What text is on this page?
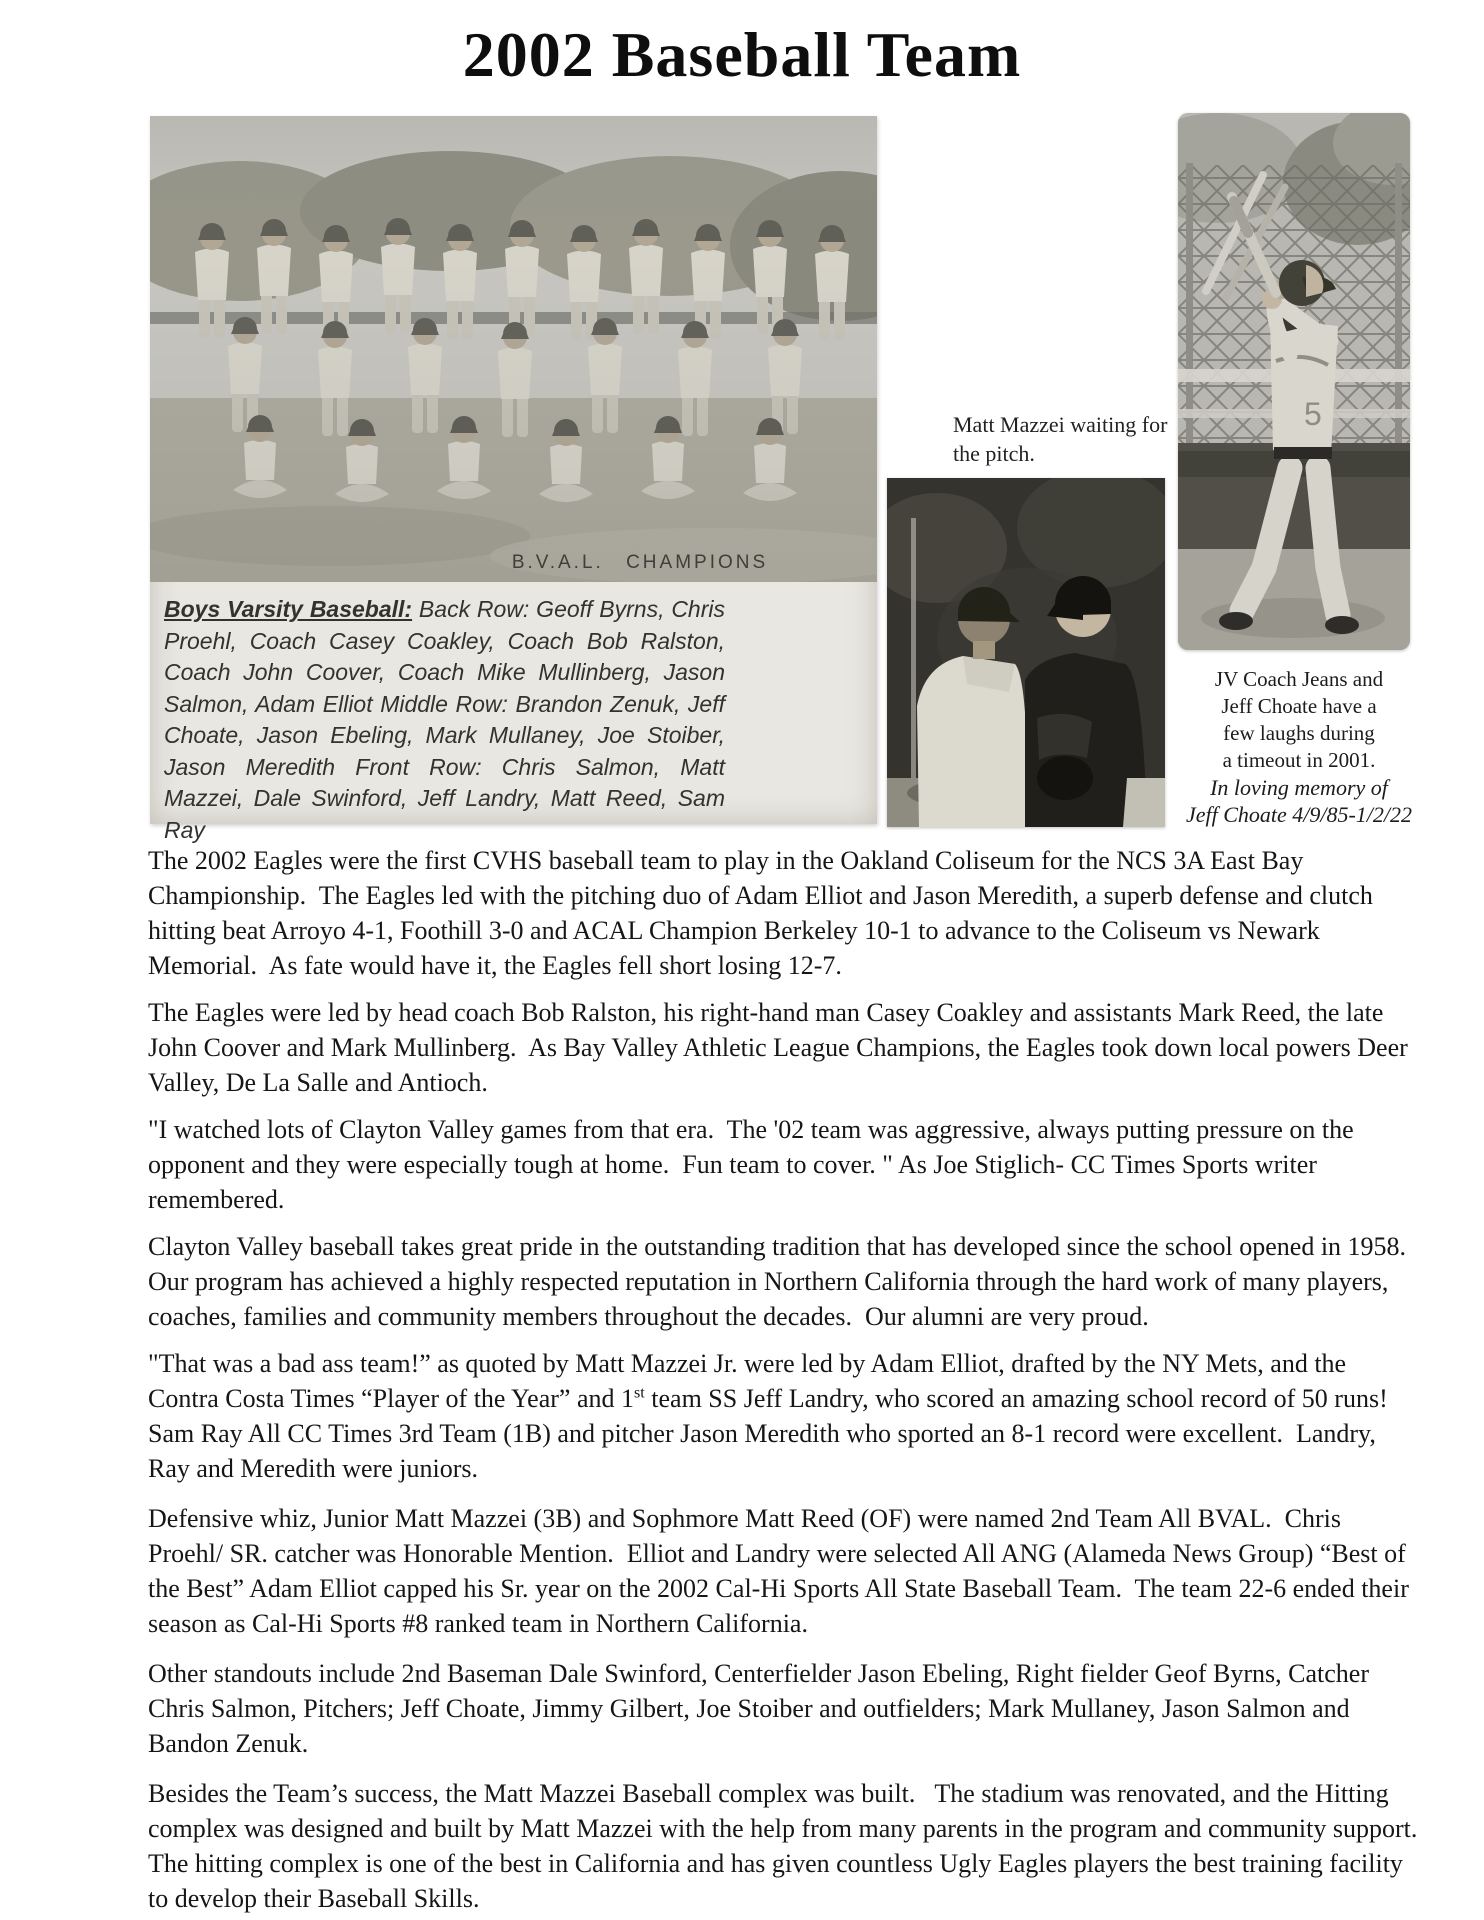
2002 Baseball Team
B.V.A.L. CHAMPIONS
Boys Varsity Baseball: Back Row: Geoff Byrns, Chris Proehl, Coach Casey Coakley, Coach Bob Ralston, Coach John Coover, Coach Mike Mullinberg, Jason Salmon, Adam Elliot Middle Row: Brandon Zenuk, Jeff Choate, Jason Ebeling, Mark Mullaney, Joe Stoiber, Jason Meredith Front Row: Chris Salmon, Matt Mazzei, Dale Swinford, Jeff Landry, Matt Reed, Sam Ray
Matt Mazzei waiting for the pitch.
5
JV Coach Jeans and
Jeff Choate have a
few laughs during
a timeout in 2001.
In loving memory of
Jeff Choate 4/9/85-1/2/22

The 2002 Eagles were the first CVHS baseball team to play in the Oakland Coliseum for the NCS 3A East Bay Championship.  The Eagles led with the pitching duo of Adam Elliot and Jason Meredith, a superb defense and clutch hitting beat Arroyo 4-1, Foothill 3-0 and ACAL Champion Berkeley 10-1 to advance to the Coliseum vs Newark Memorial.  As fate would have it, the Eagles fell short losing 12-7.

The Eagles were led by head coach Bob Ralston, his right-hand man Casey Coakley and assistants Mark Reed, the late John Coover and Mark Mullinberg.  As Bay Valley Athletic League Champions, the Eagles took down local powers Deer Valley, De La Salle and Antioch.

"I watched lots of Clayton Valley games from that era.  The '02 team was aggressive, always putting pressure on the opponent and they were especially tough at home.  Fun team to cover. " As Joe Stiglich- CC Times Sports writer remembered.

Clayton Valley baseball takes great pride in the outstanding tradition that has developed since the school opened in 1958.  Our program has achieved a highly respected reputation in Northern California through the hard work of many players, coaches, families and community members throughout the decades.  Our alumni are very proud.

"That was a bad ass team!” as quoted by Matt Mazzei Jr. were led by Adam Elliot, drafted by the NY Mets, and the Contra Costa Times “Player of the Year” and 1st team SS Jeff Landry, who scored an amazing school record of 50 runs!  Sam Ray All CC Times 3rd Team (1B) and pitcher Jason Meredith who sported an 8-1 record were excellent.  Landry, Ray and Meredith were juniors.

Defensive whiz, Junior Matt Mazzei (3B) and Sophmore Matt Reed (OF) were named 2nd Team All BVAL.  Chris Proehl/ SR. catcher was Honorable Mention.  Elliot and Landry were selected All ANG (Alameda News Group) “Best of the Best” Adam Elliot capped his Sr. year on the 2002 Cal-Hi Sports All State Baseball Team.  The team 22-6 ended their season as Cal-Hi Sports #8 ranked team in Northern California.

Other standouts include 2nd Baseman Dale Swinford, Centerfielder Jason Ebeling, Right fielder Geof Byrns, Catcher Chris Salmon, Pitchers; Jeff Choate, Jimmy Gilbert, Joe Stoiber and outfielders; Mark Mullaney, Jason Salmon and Bandon Zenuk.

Besides the Team’s success, the Matt Mazzei Baseball complex was built.   The stadium was renovated, and the Hitting complex was designed and built by Matt Mazzei with the help from many parents in the program and community support.  The hitting complex is one of the best in California and has given countless Ugly Eagles players the best training facility to develop their Baseball Skills.
